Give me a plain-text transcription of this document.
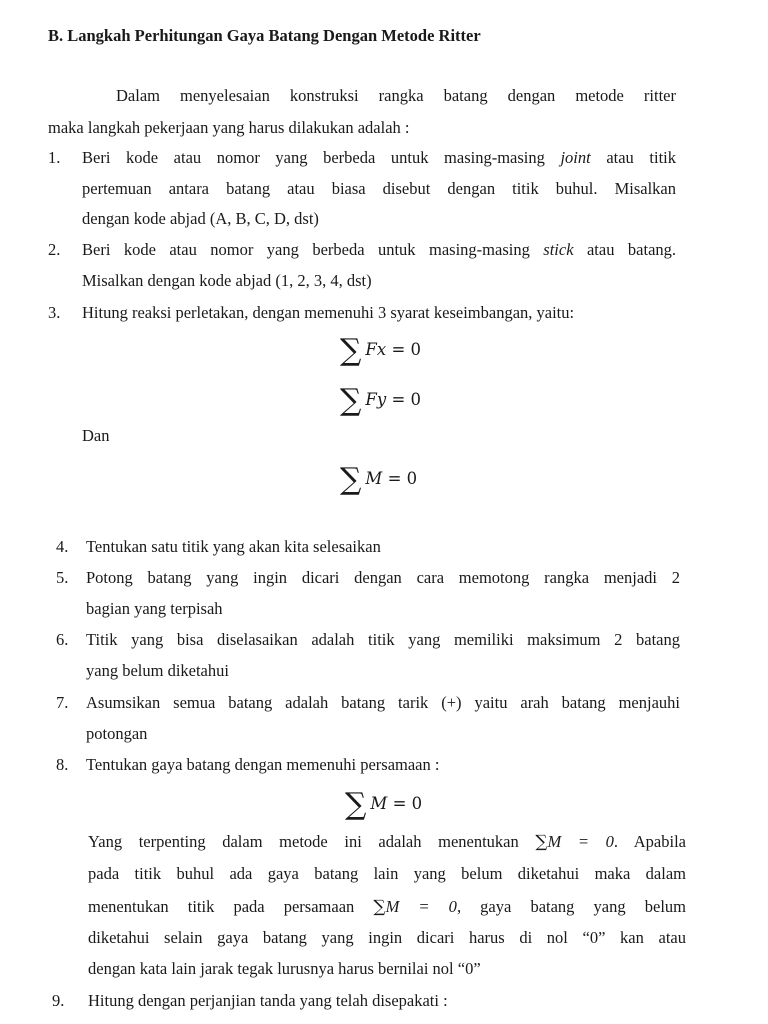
B. Langkah Perhitungan Gaya Batang Dengan Metode Ritter
Dalam menyelesaian konstruksi rangka batang dengan metode ritter
maka langkah pekerjaan yang harus dilakukan adalah :
1. Beri kode atau nomor yang berbeda untuk masing-masing joint atau titik
pertemuan antara batang atau biasa disebut dengan titik buhul. Misalkan
dengan kode abjad (A, B, C, D, dst)
2. Beri kode atau nomor yang berbeda untuk masing-masing stick atau batang.
Misalkan dengan kode abjad (1, 2, 3, 4, dst)
3. Hitung reaksi perletakan, dengan memenuhi 3 syarat keseimbangan, yaitu:
∑ Fx = 0
∑ Fy = 0
Dan
∑ M = 0
4. Tentukan satu titik yang akan kita selesaikan
5. Potong batang yang ingin dicari dengan cara memotong rangka menjadi 2
bagian yang terpisah
6. Titik yang bisa diselasaikan adalah titik yang memiliki maksimum 2 batang
yang belum diketahui
7. Asumsikan semua batang adalah batang tarik (+) yaitu arah batang menjauhi
potongan
8. Tentukan gaya batang dengan memenuhi persamaan :
∑ M = 0
Yang terpenting dalam metode ini adalah menentukan ∑M = 0. Apabila
pada titik buhul ada gaya batang lain yang belum diketahui maka dalam
menentukan titik pada persamaan ∑M = 0, gaya batang yang belum
diketahui selain gaya batang yang ingin dicari harus di nol “0” kan atau
dengan kata lain jarak tegak lurusnya harus bernilai nol “0”
9. Hitung dengan perjanjian tanda yang telah disepakati :
